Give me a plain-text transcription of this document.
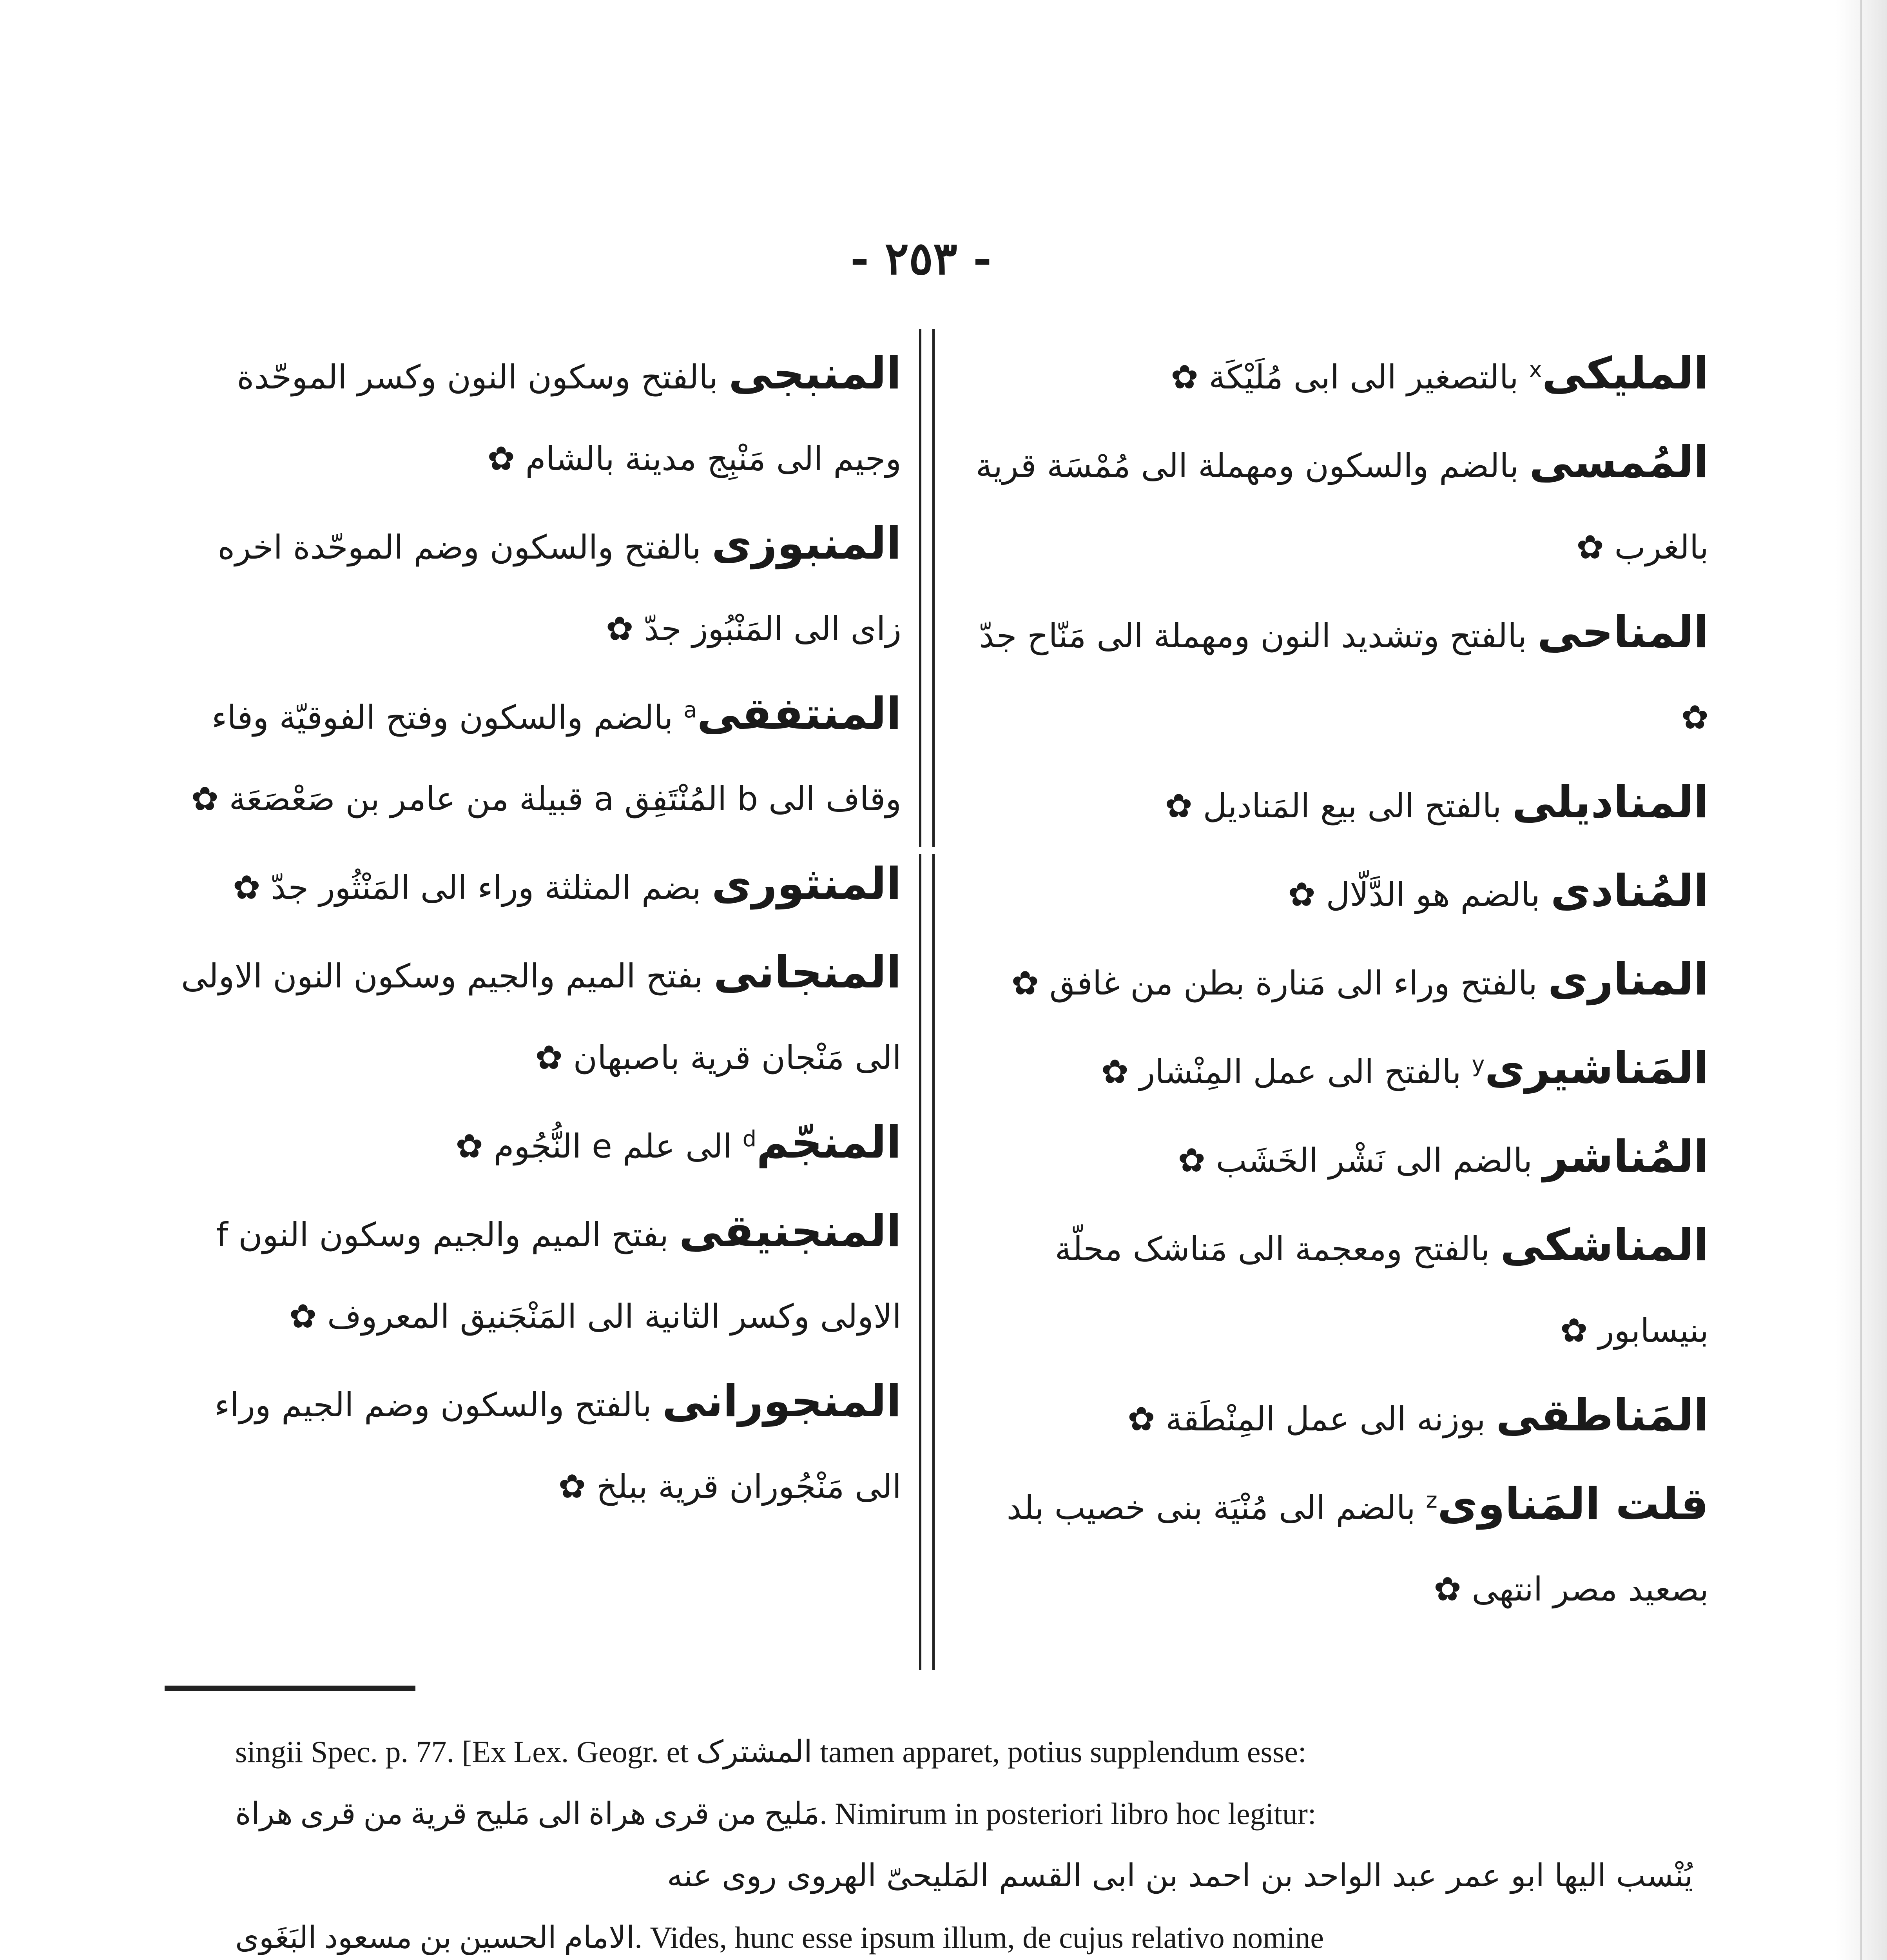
- ٢٥٣ -

الملیکی$^x$ بالتصغیر الی ابی مُلَیْکَة ✿

المُمسی بالضم والسكون ومهملة الی مُمْسَة قریة بالغرب ✿

المناحی بالفتح وتشدید النون ومهملة الی مَنّاح جدّ ✿

المنادیلی بالفتح الی بیع المَنادیل ✿

المُنادی بالضم هو الدَّلّال ✿

المناری بالفتح وراء الی مَنارة بطن من غافق ✿

المَناشیری$^y$ بالفتح الی عمل المِنْشار ✿

المُناشر بالضم الی نَشْر الخَشَب ✿

المناشکی بالفتح ومعجمة الی مَناشک محلّة بنیسابور ✿

المَناطقی بوزنه الی عمل المِنْطَقة ✿

قلت المَناوی$^z$ بالضم الی مُنْیَة بنی خصیب بلد بصعید مصر انتهی ✿

المنبجی بالفتح وسكون النون وكسر الموحّدة وجیم الی مَنْبِج مدینة بالشام ✿

المنبوزی بالفتح والسكون وضم الموحّدة اخره زای الی المَنْبُوز جدّ ✿

المنتفقی$^a$ بالضم والسكون وفتح الفوقیّة وفاء وقاف الی b المُنْتَفِق a قبیلة من عامر بن صَعْصَعَة ✿

المنثوری بضم المثلثة وراء الی المَنْثُور جدّ ✿

المنجانی بفتح المیم والجیم وسكون النون الاولی الی مَنْجان قریة باصبهان ✿

المنجّم$^d$ الی علم e النُّجُوم ✿

المنجنیقی بفتح المیم والجیم وسكون النون f الاولی وكسر الثانیة الی المَنْجَنیق المعروف ✿

المنجورانی بالفتح والسكون وضم الجیم وراء الی مَنْجُوران قریة ببلخ ✿

singii Spec. p. 77. [Ex Lex. Geogr. et المشترک tamen apparet, potius supplendum esse:

مَلیح من قری هراة الی مَلیح قریة من قری هراة. Nimirum in posteriori libro hoc legitur:

یُنْسب الیها ابو عمر عبد الواحد بن احمد بن ابی القسم المَلیحیّ الهروی روی عنه

الامام الحسین بن مسعود البَغَوی. Vides, hunc esse ipsum illum, de cujus relativo nomine
